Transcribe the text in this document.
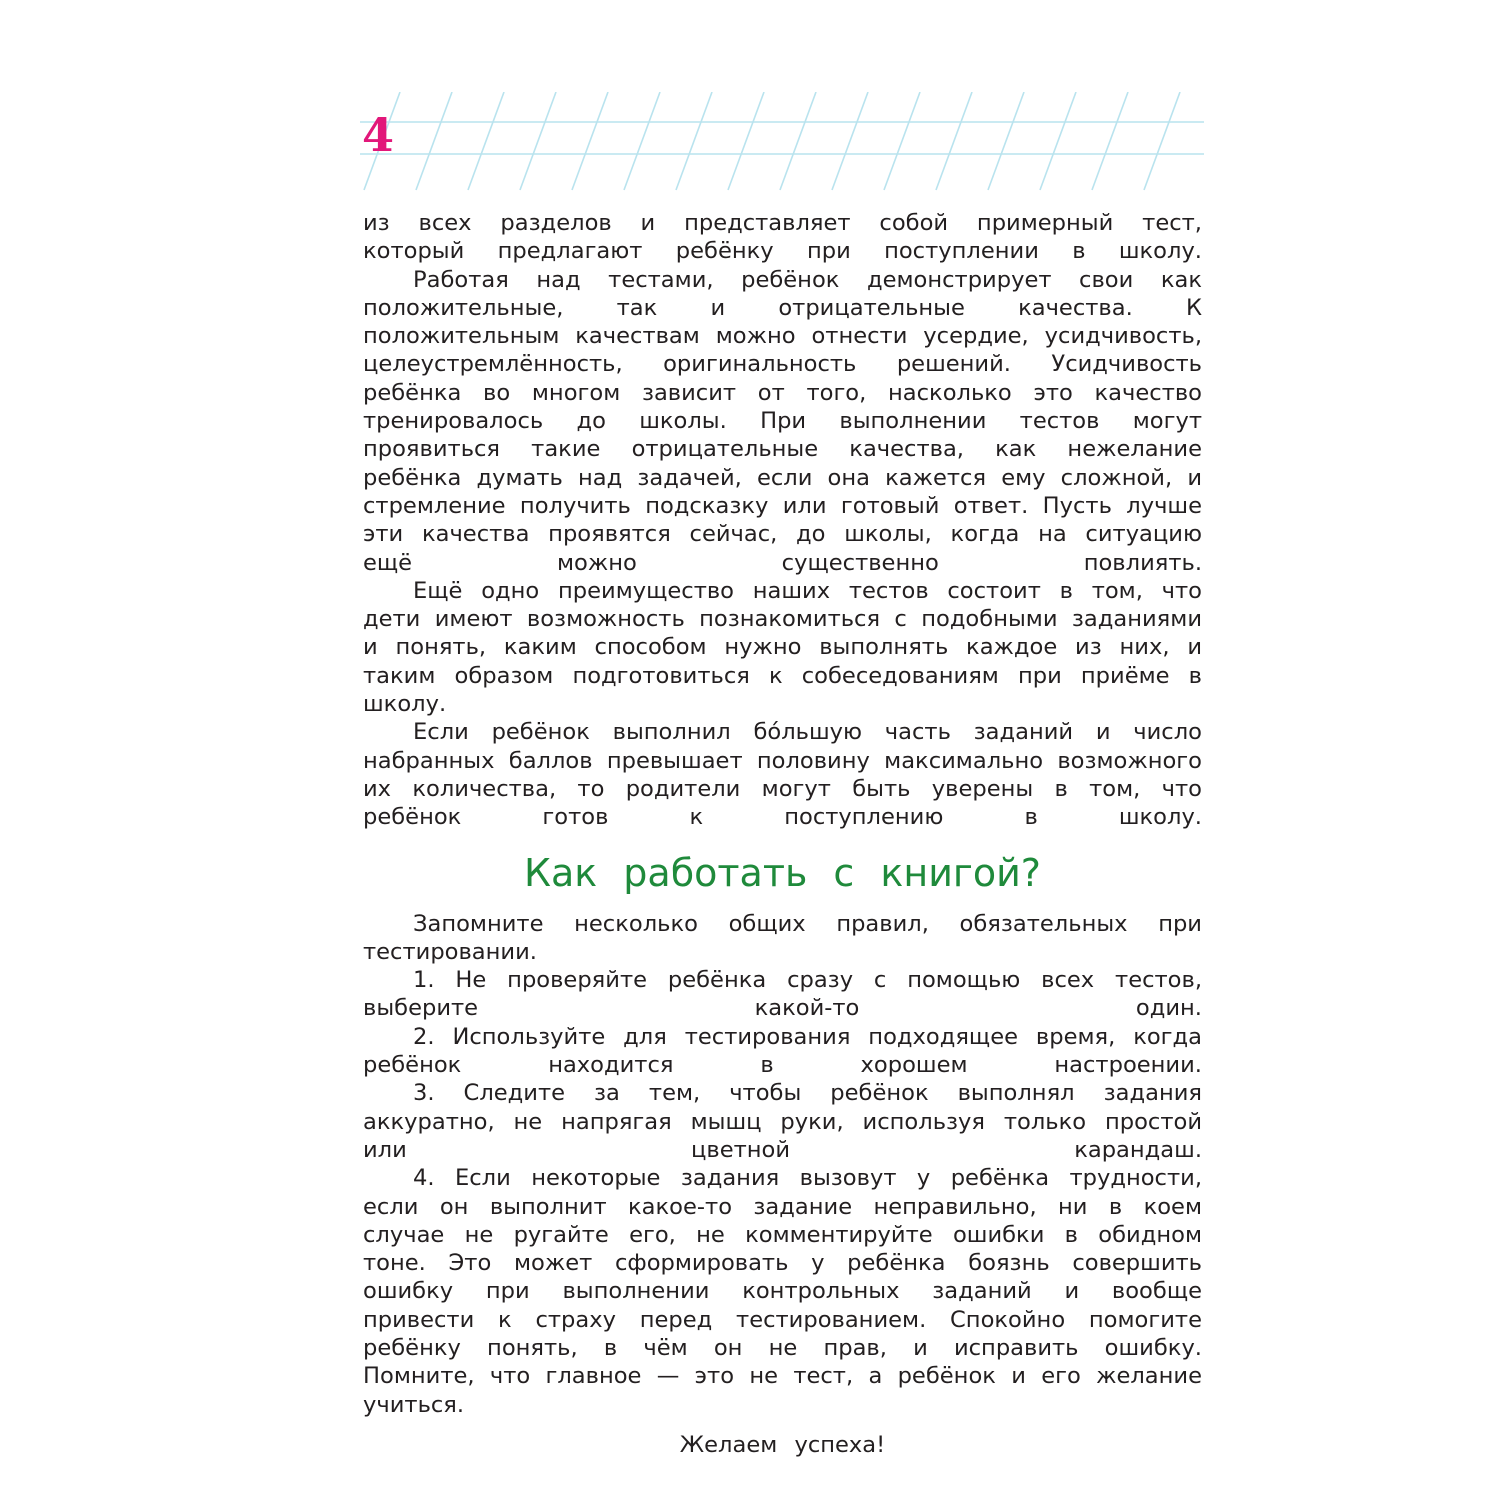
4

из всех разделов и представляет собой примерный тест, который предлагают ребёнку при поступлении в школу.

Работая над тестами, ребёнок демонстрирует свои как положительные, так и отрицательные качества. К положительным качествам можно отнести усердие, усидчивость, целеустремлённость, оригинальность решений. Усидчивость ребёнка во многом зависит от того, насколько это качество тренировалось до школы. При выполнении тестов могут проявиться такие отрицательные качества, как нежелание ребёнка думать над задачей, если она кажется ему сложной, и стремление получить подсказку или готовый ответ. Пусть лучше эти качества проявятся сейчас, до школы, когда на ситуацию ещё можно существенно повлиять.

Ещё одно преимущество наших тестов состоит в том, что дети имеют возможность познакомиться с подобными заданиями и понять, каким способом нужно выполнять каждое из них, и таким образом подготовиться к собеседованиям при приёме в школу.

Если ребёнок выполнил бóльшую часть заданий и число набранных баллов превышает половину максимально возможного их количества, то родители могут быть уверены в том, что ребёнок готов к поступлению в школу.

Как работать с книгой?

Запомните несколько общих правил, обязательных при тестировании.

1. Не проверяйте ребёнка сразу с помощью всех тестов, выберите какой-то один.

2. Используйте для тестирования подходящее время, когда ребёнок находится в хорошем настроении.

3. Следите за тем, чтобы ребёнок выполнял задания аккуратно, не напрягая мышц руки, используя только простой или цветной карандаш.

4. Если некоторые задания вызовут у ребёнка трудности, если он выполнит какое-то задание неправильно, ни в коем случае не ругайте его, не комментируйте ошибки в обидном тоне. Это может сформировать у ребёнка боязнь совершить ошибку при выполнении контрольных заданий и вообще привести к страху перед тестированием. Спокойно помогите ребёнку понять, в чём он не прав, и исправить ошибку. Помните, что главное — это не тест, а ребёнок и его желание учиться.

Желаем успеха!
